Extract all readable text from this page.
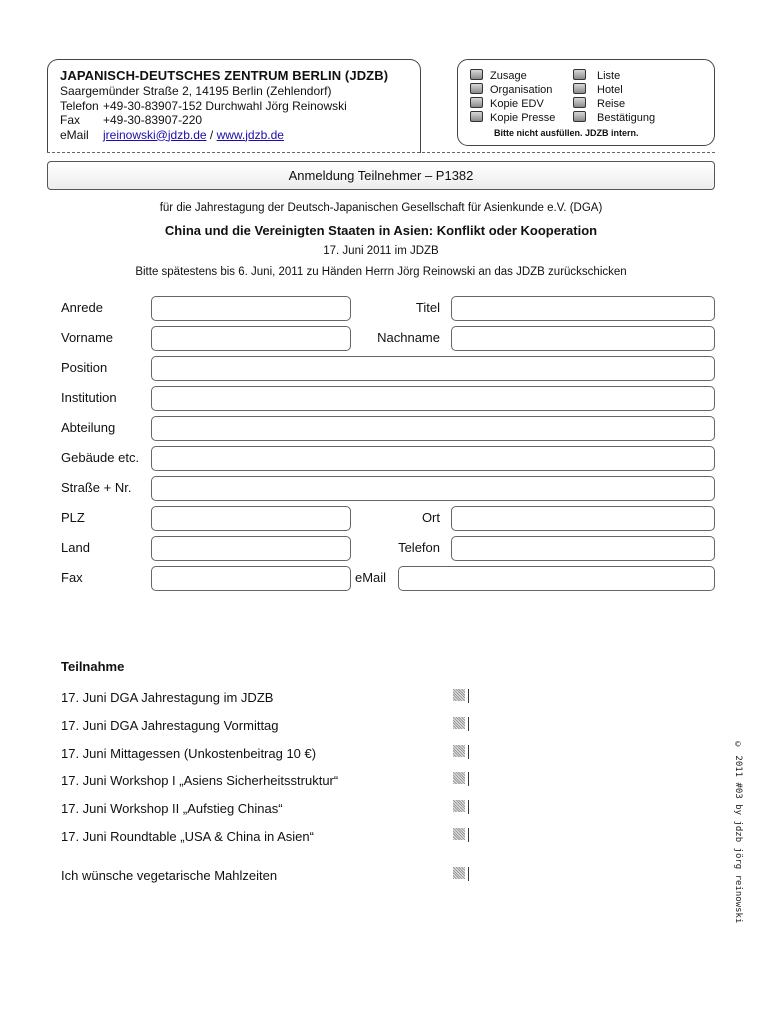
JAPANISCH-DEUTSCHES ZENTRUM BERLIN (JDZB)
Saargemünder Straße 2, 14195 Berlin (Zehlendorf)
Telefon +49-30-83907-152 Durchwahl Jörg Reinowski
Fax +49-30-83907-220
eMail jreinowski@jdzb.de / www.jdzb.de
Zusage
Organisation
Kopie EDV
Kopie Presse
Liste
Hotel
Reise
Bestätigung
Bitte nicht ausfüllen. JDZB intern.
Anmeldung Teilnehmer – P1382
für die Jahrestagung der Deutsch-Japanischen Gesellschaft für Asienkunde e.V. (DGA)
China und die Vereinigten Staaten in Asien: Konflikt oder Kooperation
17. Juni 2011 im JDZB
Bitte spätestens bis 6. Juni, 2011 zu Händen Herrn Jörg Reinowski an das JDZB zurückschicken
Anrede	Titel
Vorname	Nachname
Position
Institution
Abteilung
Gebäude etc.
Straße + Nr.
PLZ	Ort
Land	Telefon
Fax	eMail
Teilnahme
17. Juni DGA Jahrestagung im JDZB
17. Juni DGA Jahrestagung Vormittag
17. Juni Mittagessen (Unkostenbeitrag 10 €)
17. Juni Workshop I „Asiens Sicherheitsstruktur“
17. Juni Workshop II „Aufstieg Chinas“
17. Juni Roundtable „USA & China in Asien“
Ich wünsche vegetarische Mahlzeiten	© 2011 #03 by jdzb jörg reinowski
